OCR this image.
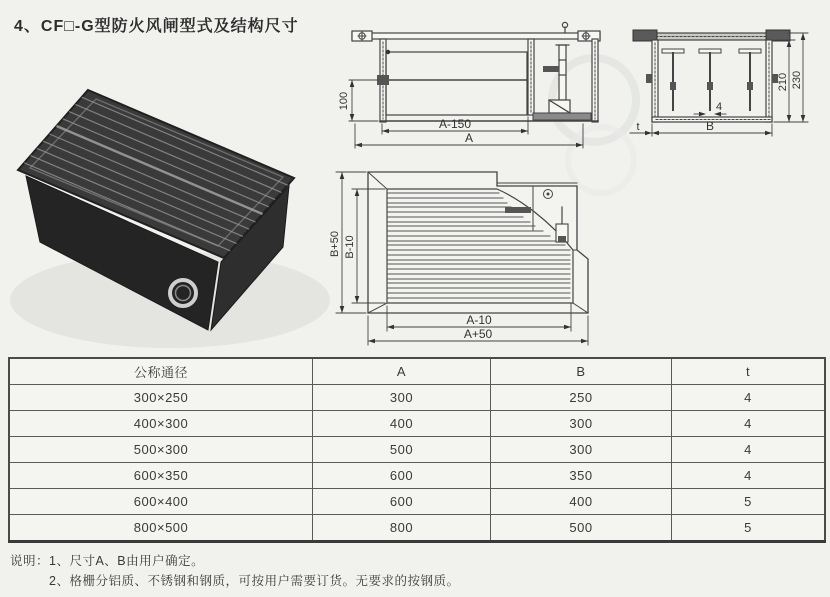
4、CF□-G型防火风闸型式及结构尺寸
100
A-150
A
4
t	B
210 230
B+50 B-10
A-10
A+50
公称通径	A	B	t
300×250	300	250	4
400×300	400	300	4
500×300	500	300	4
600×350	600	350	4
600×400	600	400	5
800×500	800	500	5
说明：1、尺寸A、B由用户确定。
2、格栅分铝质、不锈钢和钢质，可按用户需要订货。无要求的按钢质。
